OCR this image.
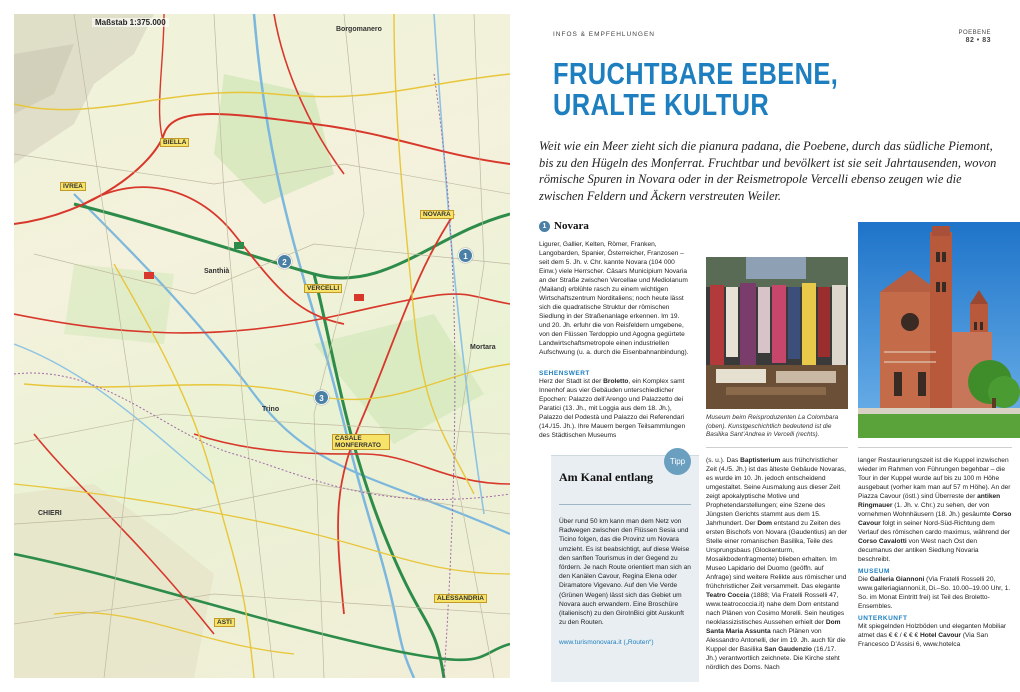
Maßstab 1:375.000
BIELLA
IVREA
NOVARA
VERCELLI
CASALE MONFERRATO
ASTI
ALESSANDRIA
CHIERI
Santhià
Borgomanero
Mortara
Trino
1
2
3
INFOS & EMPFEHLUNGEN	POEBENE
82 • 83
FRUCHTBARE EBENE,
URALTE KULTUR
Weit wie ein Meer zieht sich die pianura padana, die Poebene, durch das südliche Piemont, bis zu den Hügeln des Monferrat. Fruchtbar und bevölkert ist sie seit Jahrtausenden, wovon römische Spuren in Novara oder in der Reismetropole Vercelli ebenso zeugen wie die zwischen Feldern und Äckern verstreuten Weiler.
1 Novara

Ligurer, Gallier, Kelten, Römer, Franken, Langobarden, Spanier, Österreicher, Franzosen – seit dem 5. Jh. v. Chr. kannte Novara (104 000 Einw.) viele Herrscher. Cäsars Municipium Novaria an der Straße zwischen Vercellae und Mediolanum (Mailand) erblühte rasch zu einem wichtigen Wirtschaftszentrum Norditaliens; noch heute lässt sich die quadratische Struktur der römischen Siedlung in der Straßenanlage erkennen. Im 19. und 20. Jh. erfuhr die von Reisfeldern umgebene, von den Flüssen Terdoppio und Agogna gegürtete Landwirtschaftsmetropole einen industriellen Aufschwung (u. a. durch die Eisenbahnanbindung).

SEHENSWERT

Herz der Stadt ist der Broletto, ein Komplex samt Innenhof aus vier Gebäuden unterschiedlicher Epochen: Palazzo dell’Arengo und Palazzetto dei Paratici (13. Jh., mit Loggia aus dem 18. Jh.), Palazzo del Podestà und Palazzo dei Referendari (14./15. Jh.). Ihre Mauern bergen Teilsammlungen des Städtischen Museums

Tipp
Am Kanal entlang
Über rund 50 km kann man dem Netz von Radwegen zwischen den Flüssen Sesia und Ticino folgen, das die Provinz um Novara umzieht. Es ist beabsichtigt, auf diese Weise den sanften Tourismus in der Gegend zu fördern. Je nach Route orientiert man sich an den Kanälen Cavour, Regina Elena oder Diramatore Vigevano. Auf den Vie Verde (Grünen Wegen) lässt sich das Gebiet um Novara auch erwandern. Eine Broschüre (italienisch) zu den GiroInBici gibt Auskunft zu den Routen.
www.turismonovara.it („Routen“)
Museum beim Reisproduzenten La Colombara (oben). Kunstgeschichtlich bedeutend ist die Basilika Sant’Andrea in Vercelli (rechts).

(s. u.). Das Baptisterium aus frühchristlicher Zeit (4./5. Jh.) ist das älteste Gebäude Novaras, es wurde im 10. Jh. jedoch entscheidend umgestaltet. Seine Ausmalung aus dieser Zeit zeigt apokalyptische Motive und Prophetendarstellungen; eine Szene des Jüngsten Gerichts stammt aus dem 15. Jahrhundert. Der Dom entstand zu Zeiten des ersten Bischofs von Novara (Gaudentius) an der Stelle einer romanischen Basilika, Teile des Ursprungsbaus (Glockenturm, Mosaikbodenfragmente) blieben erhalten. Im Museo Lapidario del Duomo (geöffn. auf Anfrage) sind weitere Relikte aus römischer und frühchristlicher Zeit versammelt. Das elegante Teatro Coccia (1888; Via Fratelli Rosselli 47, www.teatrococcia.it) nahe dem Dom entstand nach Plänen von Cosimo Morelli. Sein heutiges neoklassizistisches Aussehen erhielt der Dom Santa Maria Assunta nach Plänen von Alessandro Antonelli, der im 19. Jh. auch für die Kuppel der Basilika San Gaudenzio (16./17. Jh.) verantwortlich zeichnete. Die Kirche steht nördlich des Doms. Nach

langer Restaurierungszeit ist die Kuppel inzwischen wieder im Rahmen von Führungen begehbar – die Tour in der Kuppel wurde auf bis zu 100 m Höhe ausgebaut (vorher kam man auf 57 m Höhe). An der Piazza Cavour (östl.) sind Überreste der antiken Ringmauer (1. Jh. v. Chr.) zu sehen, der von vornehmen Wohnhäusern (18. Jh.) gesäumte Corso Cavour folgt in seiner Nord-Süd-Richtung dem Verlauf des römischen cardo maximus, während der Corso Cavalotti von West nach Ost den decumanus der antiken Siedlung Novaria beschreibt.

MUSEUM

Die Galleria Giannoni (Via Fratelli Rosselli 20, www.galleriagiannoni.it, Di.–So. 10.00–19.00 Uhr, 1. So. im Monat Eintritt frei) ist Teil des Broletto-Ensembles.

UNTERKUNFT

Mit spiegelnden Holzböden und eleganten Mobiliar atmet das € € / € € € Hotel Cavour (Via San Francesco D’Assisi 6, www.hotelca
